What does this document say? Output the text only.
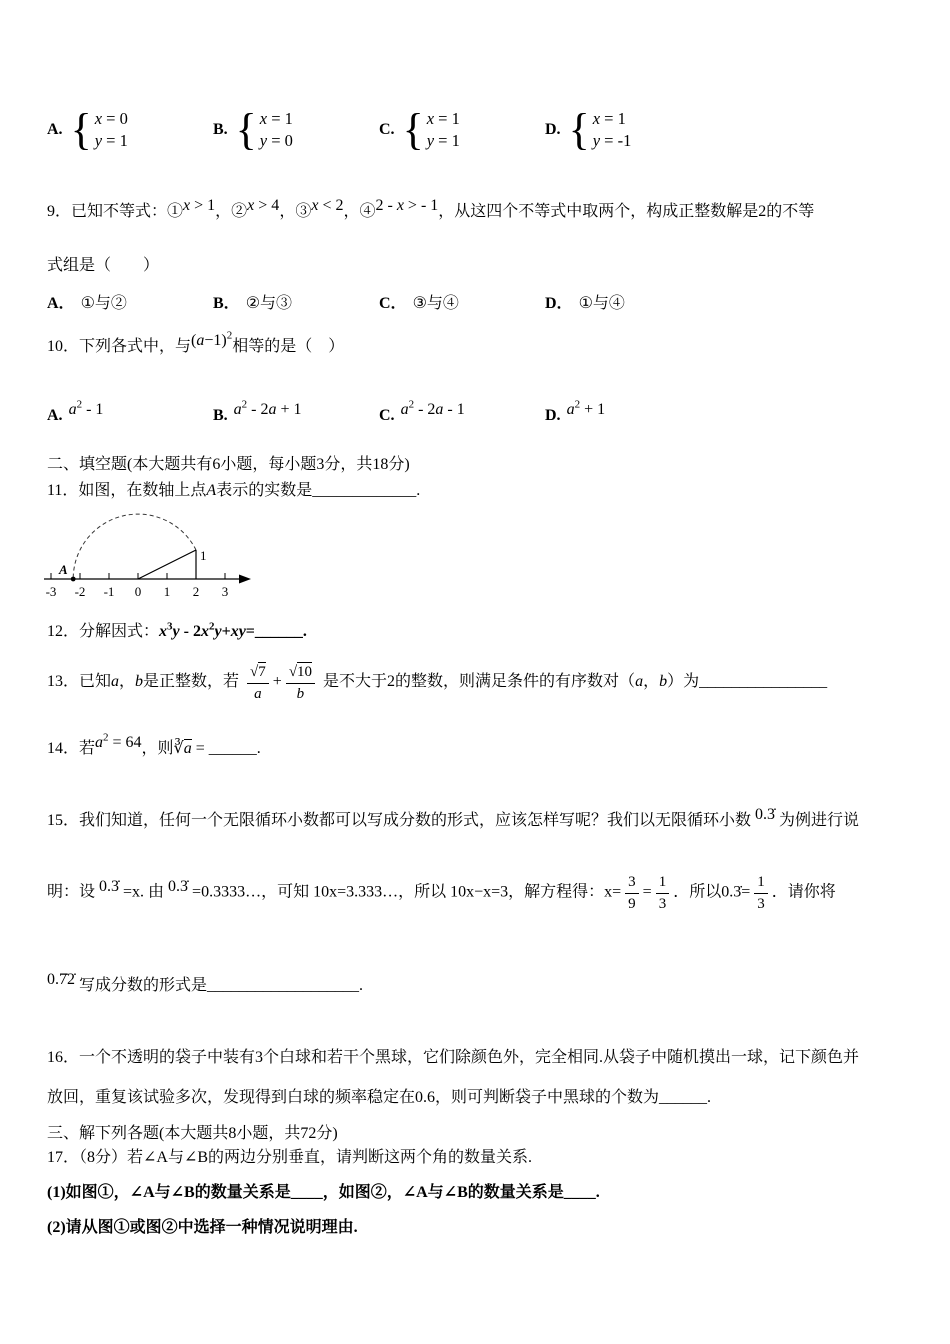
A. { x = 0
y = 1
B. { x = 1
y = 0
C. { x = 1
y = 1
D. { x = 1
y = -1
9．已知不等式：①x > 1，②x > 4，③x < 2，④2 - x > - 1，从这四个不等式中取两个，构成正整数解是2的不等
式组是（　　）
A． ①与②	B． ②与③	C． ③与④	D． ①与④
10．下列各式中，与$(a-1)^2$相等的是（　）
A. $a^2 - 1$	B. $a^2 - 2a + 1$	C. $a^2 - 2a - 1$	D. $a^2 + 1$
二、填空题(本大题共有6小题，每小题3分，共18分)
11．如图，在数轴上点A表示的实数是_____________.
A
1
-3 -2 -1 0 1 2 3
12．分解因式：$x^3y$ - $2x^2y+xy=\_\_\_\_\_\_$.
13．已知a，b是正整数，若 $\frac{√ 7}{a} + \frac{√ 10}{b}$ 是不大于2的整数，则满足条件的有序数对（a，b）为________________
14．若$a^2 = 64$，则∛a = ______.
15．我们知道，任何一个无限循环小数都可以写成分数的形式，应该怎样写呢？我们以无限循环小数 0.3̇ 为例进行说
明：设 0.3̇ =x. 由 0.3̇ =0.3333…，可知 10x=3.333…，所以 10x−x=3，解方程得：$x= \frac{3}{9} = \frac{1}{3}$ ．所以0.3̇= $\frac{1}{3}$ ．请你将
0.7̇2̇ 写成分数的形式是___________________.
16．一个不透明的袋子中装有3个白球和若干个黑球，它们除颜色外，完全相同.从袋子中随机摸出一球，记下颜色并
放回，重复该试验多次，发现得到白球的频率稳定在0.6，则可判断袋子中黑球的个数为______.
三、解下列各题(本大题共8小题，共72分)
17．（8分）若∠A与∠B的两边分别垂直，请判断这两个角的数量关系.
(1)如图①，∠A与∠B的数量关系是____，如图②，∠A与∠B的数量关系是____.
(2)请从图①或图②中选择一种情况说明理由.
